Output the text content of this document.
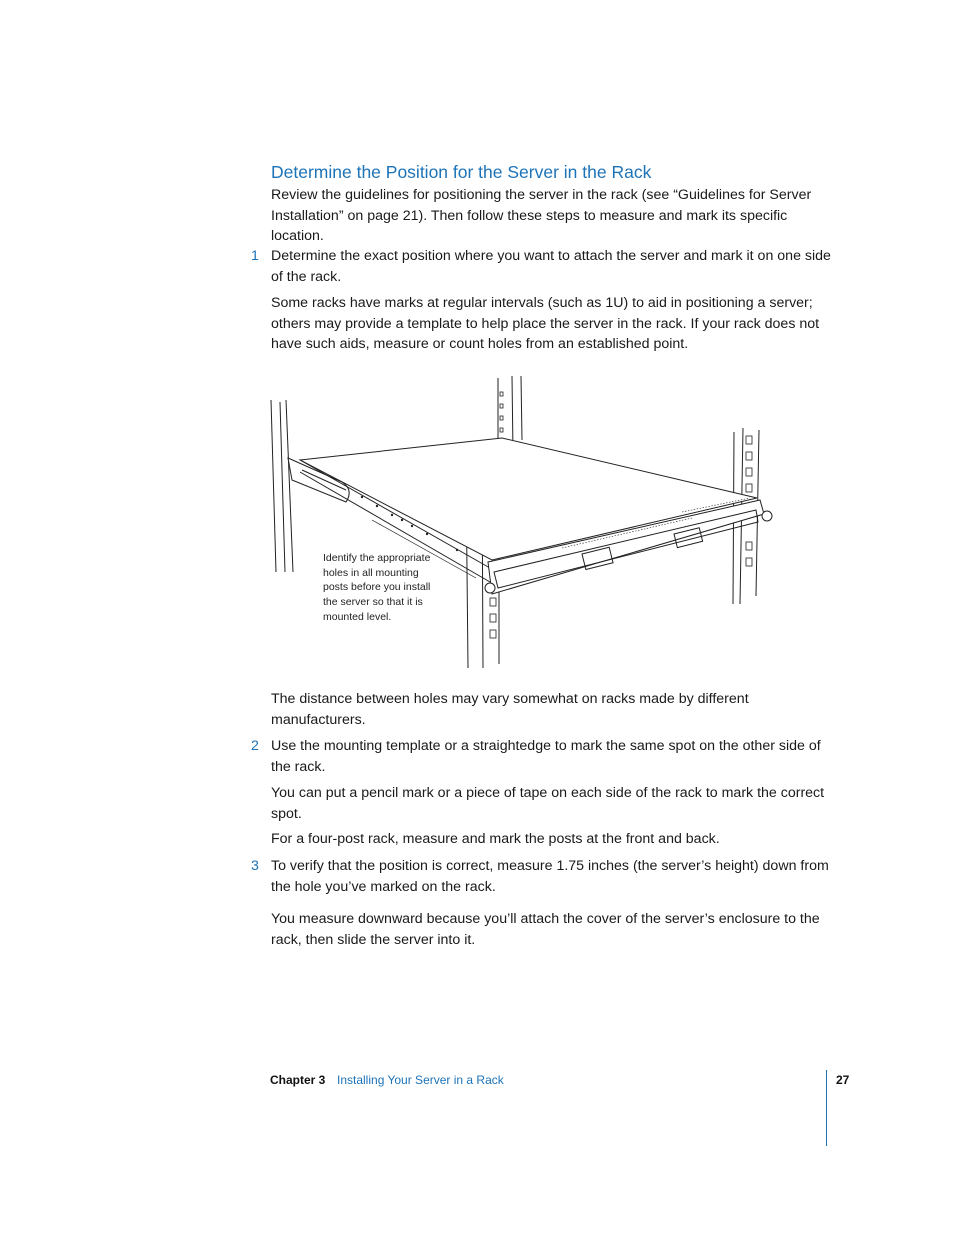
Determine the Position for the Server in the Rack

Review the guidelines for positioning the server in the rack (see “Guidelines for Server Installation” on page 21). Then follow these steps to measure and mark its specific location.

1 Determine the exact position where you want to attach the server and mark it on one side of the rack.

Some racks have marks at regular intervals (such as 1U) to aid in positioning a server; others may provide a template to help place the server in the rack. If your rack does not have such aids, measure or count holes from an established point.

Identify the appropriate holes in all mounting posts before you install the server so that it is mounted level.

The distance between holes may vary somewhat on racks made by different manufacturers.

2 Use the mounting template or a straightedge to mark the same spot on the other side of the rack.

You can put a pencil mark or a piece of tape on each side of the rack to mark the correct spot.

For a four-post rack, measure and mark the posts at the front and back.

3 To verify that the position is correct, measure 1.75 inches (the server’s height) down from the hole you’ve marked on the rack.

You measure downward because you’ll attach the cover of the server’s enclosure to the rack, then slide the server into it.

Chapter 3 Installing Your Server in a Rack	27
